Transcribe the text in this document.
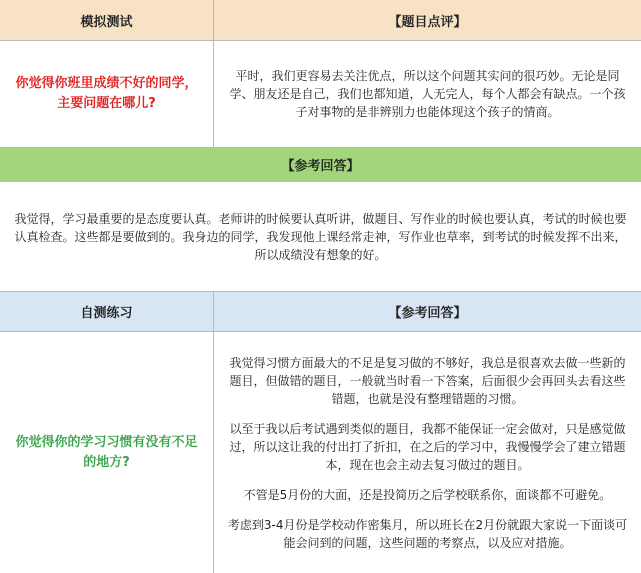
模拟测试	【题目点评】
你觉得你班里成绩不好的同学，主要问题在哪儿?
平时，我们更容易去关注优点，所以这个问题其实问的很巧妙。无论是同学、朋友还是自己，我们也都知道，人无完人，每个人都会有缺点。一个孩子对事物的是非辨别力也能体现这个孩子的情商。
【参考回答】
我觉得，学习最重要的是态度要认真。老师讲的时候要认真听讲，做题目、写作业的时候也要认真，考试的时候也要认真检查。这些都是要做到的。我身边的同学，我发现他上课经常走神，写作业也草率，到考试的时候发挥不出来，所以成绩没有想象的好。
自测练习	【参考回答】
你觉得你的学习习惯有没有不足的地方?

我觉得习惯方面最大的不足是复习做的不够好，我总是很喜欢去做一些新的题目，但做错的题目，一般就当时看一下答案，后面很少会再回头去看这些错题，也就是没有整理错题的习惯。

以至于我以后考试遇到类似的题目，我都不能保证一定会做对，只是感觉做过，所以这让我的付出打了折扣，在之后的学习中，我慢慢学会了建立错题本，现在也会主动去复习做过的题目。

不管是5月份的大面，还是投简历之后学校联系你，面谈都不可避免。

考虑到3-4月份是学校动作密集月，所以班长在2月份就跟大家说一下面谈可能会问到的问题，这些问题的考察点，以及应对措施。
